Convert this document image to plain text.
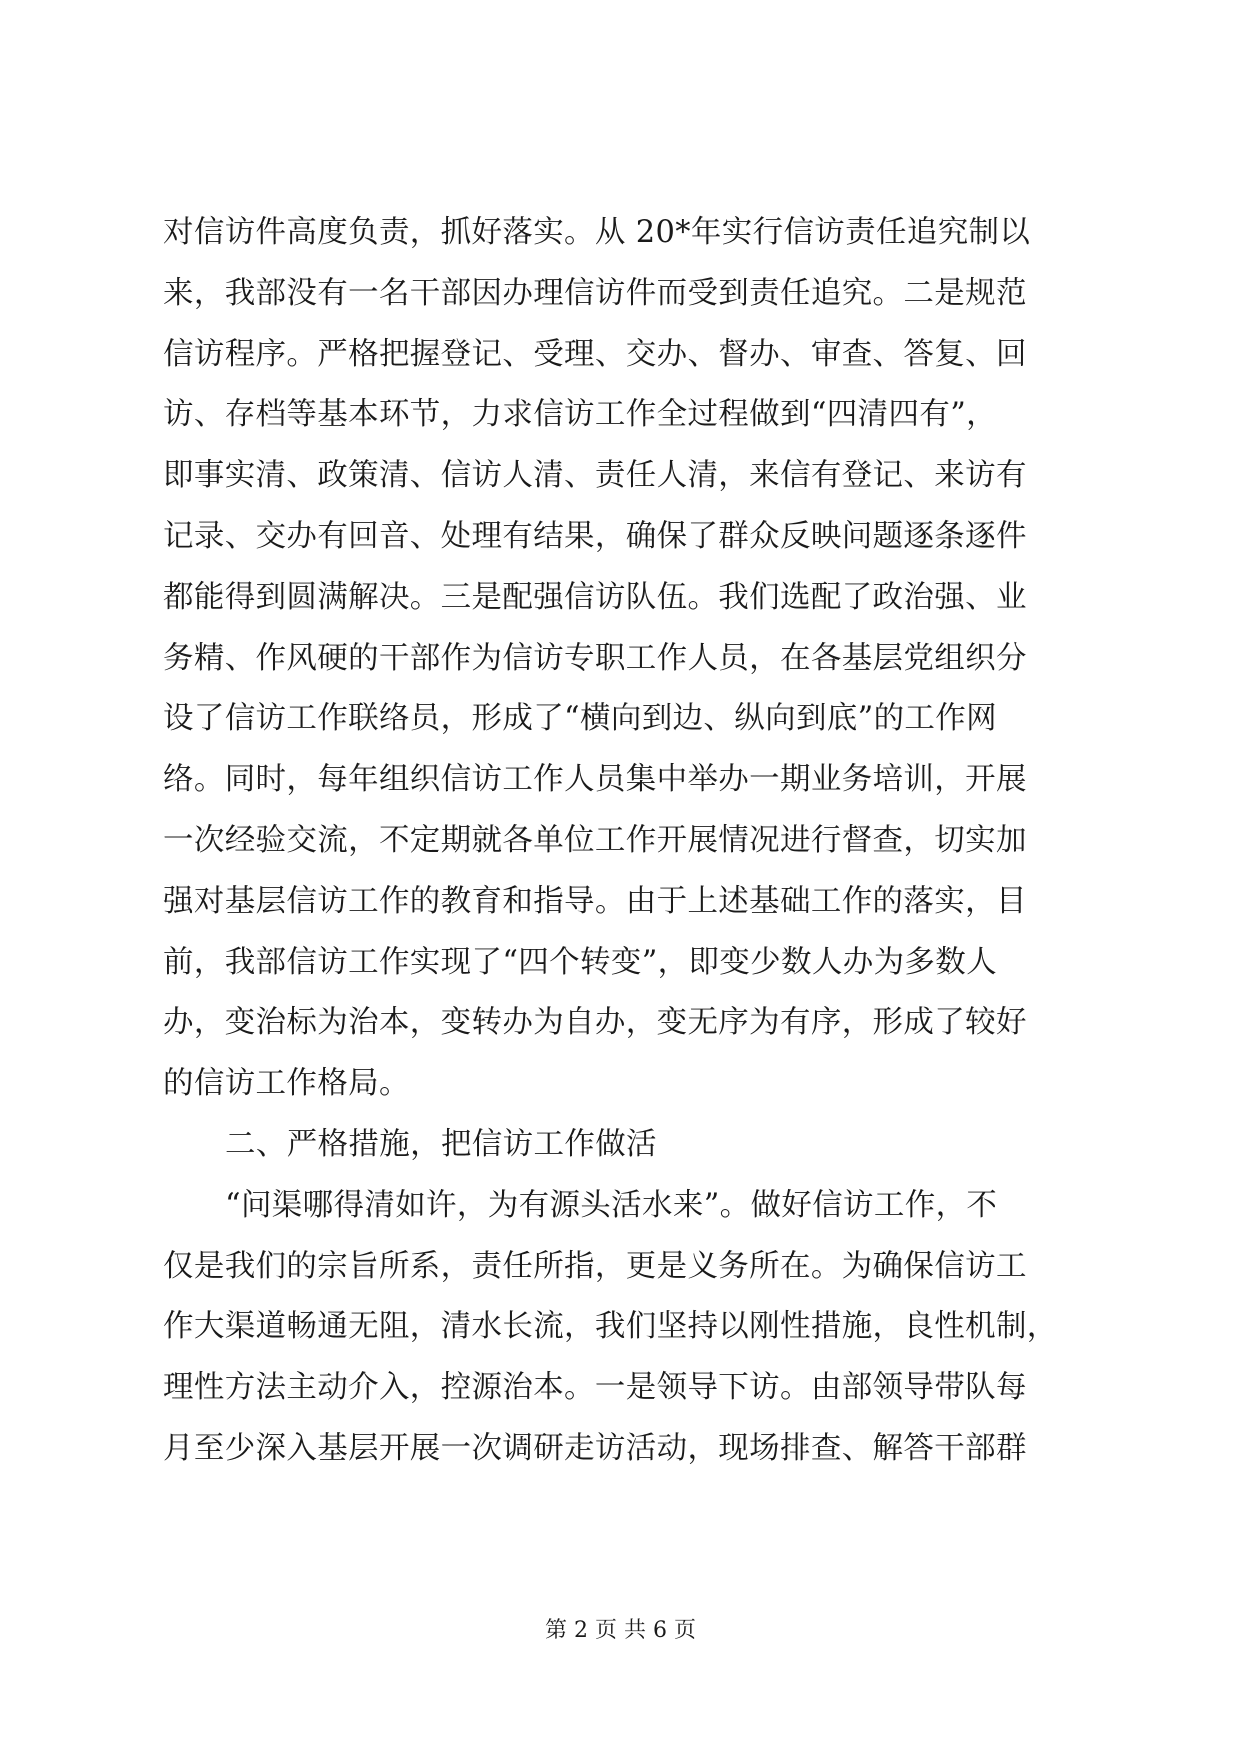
对信访件高度负责，抓好落实。从 20*年实行信访责任追究制以
来，我部没有一名干部因办理信访件而受到责任追究。二是规范
信访程序。严格把握登记、受理、交办、督办、审查、答复、回
访、存档等基本环节，力求信访工作全过程做到“四清四有”，
即事实清、政策清、信访人清、责任人清，来信有登记、来访有
记录、交办有回音、处理有结果，确保了群众反映问题逐条逐件
都能得到圆满解决。三是配强信访队伍。我们选配了政治强、业
务精、作风硬的干部作为信访专职工作人员，在各基层党组织分
设了信访工作联络员，形成了“横向到边、纵向到底”的工作网
络。同时，每年组织信访工作人员集中举办一期业务培训，开展
一次经验交流，不定期就各单位工作开展情况进行督查，切实加
强对基层信访工作的教育和指导。由于上述基础工作的落实，目
前，我部信访工作实现了“四个转变”，即变少数人办为多数人
办，变治标为治本，变转办为自办，变无序为有序，形成了较好
的信访工作格局。
二、严格措施，把信访工作做活
“问渠哪得清如许，为有源头活水来”。做好信访工作，不
仅是我们的宗旨所系，责任所指，更是义务所在。为确保信访工
作大渠道畅通无阻，清水长流，我们坚持以刚性措施，良性机制，
理性方法主动介入，控源治本。一是领导下访。由部领导带队每
月至少深入基层开展一次调研走访活动，现场排查、解答干部群
第 2 页 共 6 页
